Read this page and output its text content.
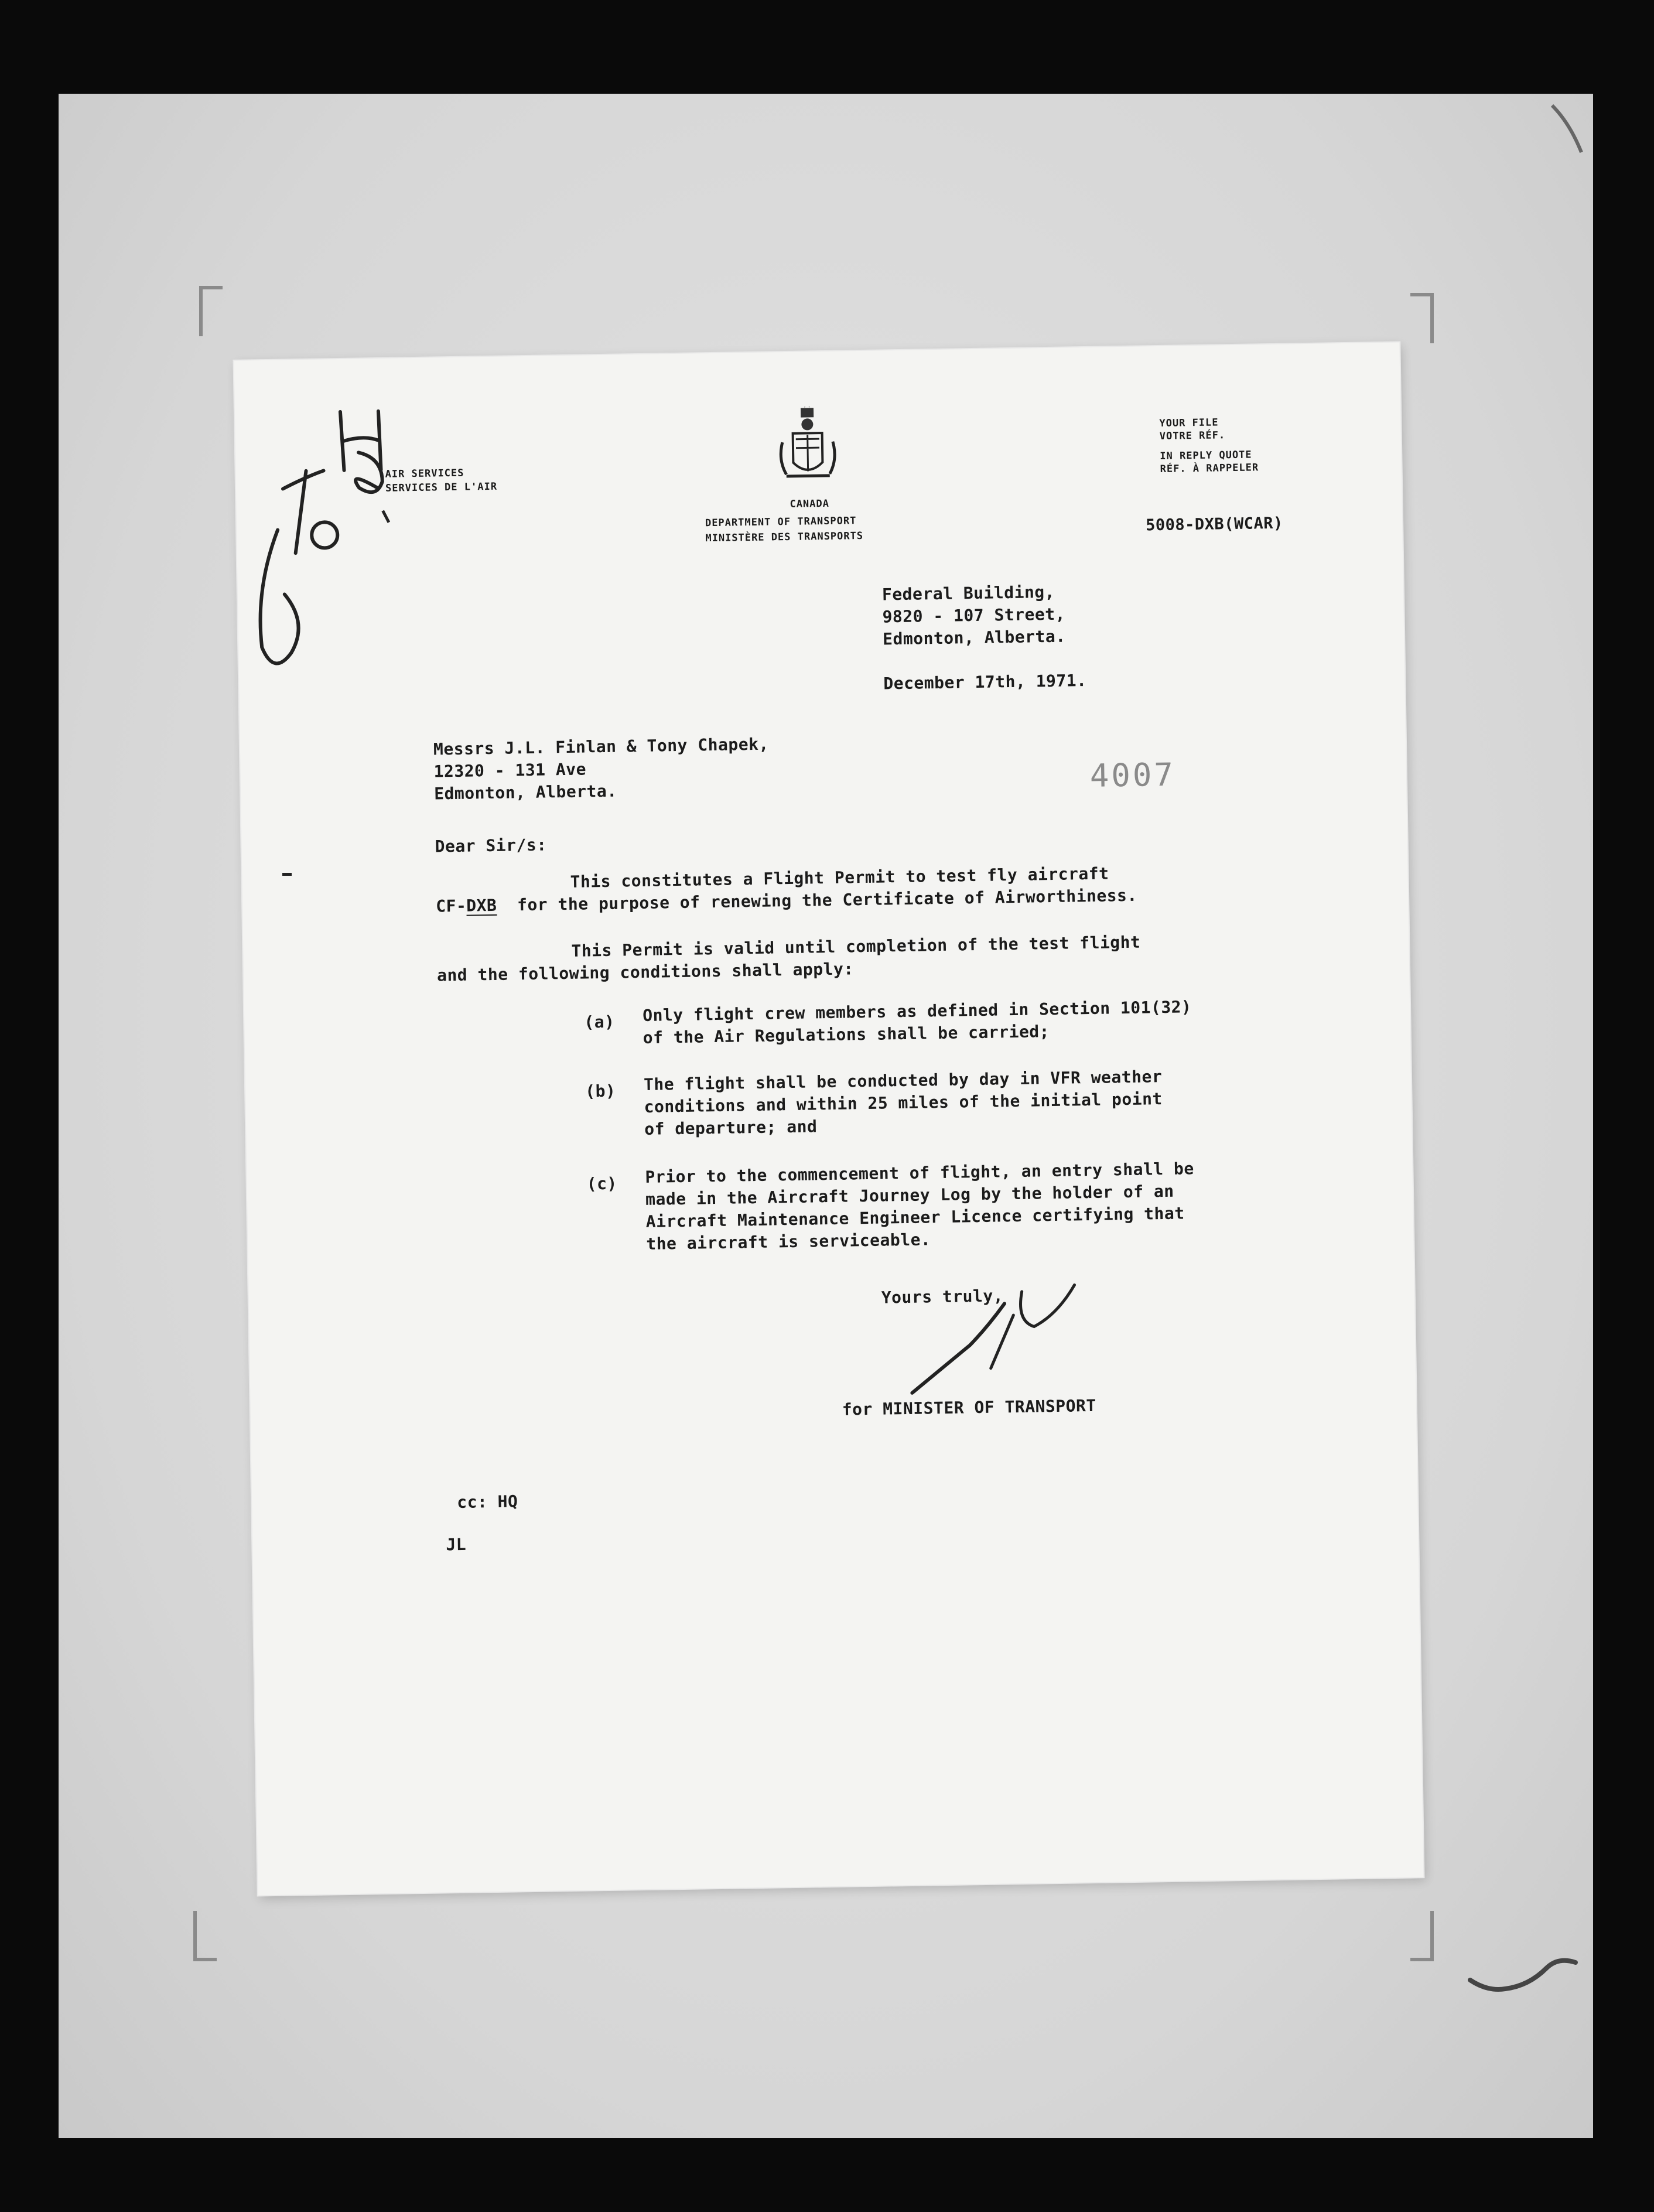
AIR SERVICES
SERVICES DE L'AIR
CANADA
DEPARTMENT OF TRANSPORT
MINISTÈRE DES TRANSPORTS
YOUR FILE
VOTRE RÉF.
IN REPLY QUOTE
RÉF. À RAPPELER
5008-DXB(WCAR)
Federal Building,
9820 - 107 Street,
Edmonton, Alberta.
December 17th, 1971.
Messrs J.L. Finlan & Tony Chapek,
12320 - 131 Ave
Edmonton, Alberta.	4007
Dear Sir/s:
This constitutes a Flight Permit to test fly aircraft
CF-DXB for the purpose of renewing the Certificate of Airworthiness.
This Permit is valid until completion of the test flight
and the following conditions shall apply:
(a) Only flight crew members as defined in Section 101(32)
of the Air Regulations shall be carried;
(b) The flight shall be conducted by day in VFR weather
conditions and within 25 miles of the initial point
of departure; and
(c) Prior to the commencement of flight, an entry shall be
made in the Aircraft Journey Log by the holder of an
Aircraft Maintenance Engineer Licence certifying that
the aircraft is serviceable.
Yours truly,
for MINISTER OF TRANSPORT
cc: HQ
JL
